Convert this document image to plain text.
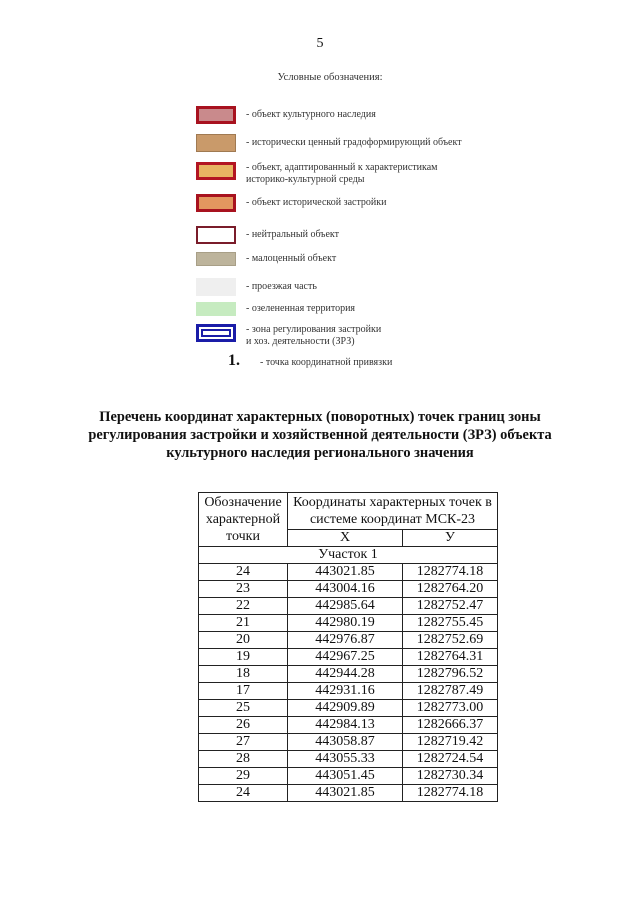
5
Условные обозначения:
- объект культурного наследия
- исторически ценный градоформирующий объект
- объект, адаптированный к характеристикам
историко-культурной среды
- объект исторической застройки
- нейтральный объект
- малоценный объект
- проезжая часть
- озелененная территория
- зона регулирования застройки
и хоз. деятельности (ЗРЗ)
1.	- точка координатной привязки
Перечень координат характерных (поворотных) точек границ зоны регулирования застройки и хозяйственной деятельности (ЗРЗ) объекта культурного наследия регионального значения
Обозначение характерной точки	Координаты характерных точек в системе координат МСК-23	
	X	У
Участок 1		
24	443021.85	1282774.18
23	443004.16	1282764.20
22	442985.64	1282752.47
21	442980.19	1282755.45
20	442976.87	1282752.69
19	442967.25	1282764.31
18	442944.28	1282796.52
17	442931.16	1282787.49
25	442909.89	1282773.00
26	442984.13	1282666.37
27	443058.87	1282719.42
28	443055.33	1282724.54
29	443051.45	1282730.34
24	443021.85	1282774.18
